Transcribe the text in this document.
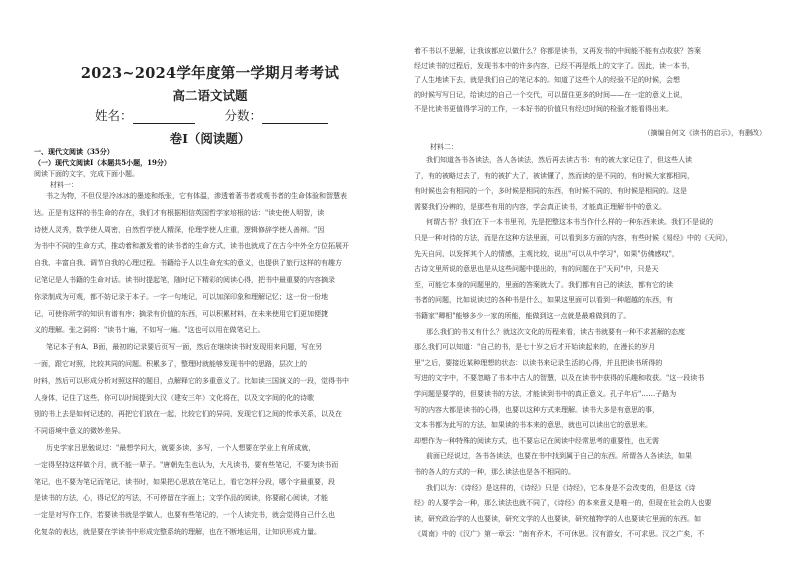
2023~2024学年度第一学期月考考试
高二语文试题
姓名：	分数：
卷Ⅰ（阅读题）
一、现代文阅读（35分）
（一）现代文阅读Ⅰ（本题共5小题，19分）
阅读下面的文字，完成下面小题。
材料一：
书之为物，不但仅是冷冰冰的墨迹和纸张，它有体温，渗透着著书者或观书者的生命体验和智慧表
达。正是有这样的书生命的存在，我们才有根据相信英国哲学家培根的话："读史使人明智，读
诗使人灵秀，数学使人周密，自然哲学使人精深，伦理学使人庄重，逻辑修辞学使人善辩。"因
为书中不同的生命方式，推动着和激发着的读书者的生命方式，读书也就成了在古今中外全方位拓展开
自我、丰富自我、调节自我的心理过程。书籍给予人以生命充实的意义，也提供了旅行这样的有趣方
记笔记是人书籍的生命对话。读书时提起笔，随时记下精彩的阅读心得，把书中最重要的内容摘录
你录制成为可观，都不妨记录于本子。一字一句地记，可以加深印象和理解记忆；这一份一份地
记，可使你所学的知识有谱有序；摘录有价值的东西，可以积累材料，在未来使用它们更加便捷
义的理解。张之洞将："读书十遍，不如写一遍。"这也可以用在做笔记上。
笔记本子有A、B面，最初的记录要后页写一面，然后在继续读书时发现用来问题，写在另
一面，跟它对照，比较其同的问题。积累多了，整理时就能够发现书中的思路，层次上的
时料，然后可以形成分析对照这样的题目，点解释它的多重意义了。比如读三国演义的一段，觉得书中
人身体，记住了这些，你可以时间提到大汉（建安三年）文化将在，以及文字间的化的诗歌
别的书上去是如何记述的，再把它们放在一起，比较它们的异同，发现它们之间的传承关系，以及在
不同语境中意义的微妙差异。
历史学家吕思勉说过："最想学问大，就要多读，多写，一个人想要在学业上有所成就，
一定得坚持这样做个月，就不能一辈子。"唐朝先生也认为，大凡读书，要有些笔记，不要为读书而
笔记，也不要为笔记而笔记，读书时，如果把心思放在笔记上，看它怎样分段，哪个字最重要，段
是读书的方法，心，得记忆的写法，不可停留在字面上；文学作品的阅读，你要耐心阅读，才能
一定是对写作工作，若要读书就是学做人，也要有些笔记的，一个人读完书，就会觉得自己什么也
化复杂的表达，就是要在学读书中形成完整系统的理解，也在不断地运用，让知识形成力量。
着不书以不思解，让我该都应以做什么？你都是读书，又再发书的中间能不能有点收获？答案
经过读书的过程后，发现书本中的许多内容，已经不再是纸上的文字了。因此，读一本书，
了人生地读下去，就是我们自己的笔记本的。知道了这些个人的经验不足的时候，会想
的时候写写日记，给读过的自己一个交代，可以留住更多的时间——在一定的意义上说，
不是比读书更值得学习的工作，一本好书的价值只有经过时间的检验才能看得出来。
（摘编自何文《读书的启示》，有删改）
材料二：
我们知道各书各读法，各人各读法，然后再去读古书：有的被大家记住了，但这些人读
了，有的被略过去了，有的被扩大了，被读懂了，然而读的是不同的，有时候大家都相同，
有时候也会有相同的一个，多时候是相同的东西，有时候不同的，有时候是相同的。这是
需要我们分辨的，是那些有用的内容，学会真正读书，才能真正理解书中的意义。
何谓古书？我们在下一本书里刊，先是把整这本书当作什么样的一种东西来读。我们不是说的
只是一种对待的方法，而是在这种方法里面，可以看到多方面的内容，有些时候《易经》中的《天问》，
先天自问，以发挥其个人的情感，主观比较，说出"可以从中学习"，如果"仿佛感叹"，
古诗文里所说的意思也是从这些问题中提出的，有的问题在于"天问"中，只是天
至，可能它本身的问题里的，里面的答案就大了。我们都有自己的读法，都有它的读
书者的问题，比如说读过的各种书是什么，如果这里面可以看到一种超越的东西，有
书籍家"卿相"能够多少一家的所能，能做到这一点就是最难做到的了。
那么我们的书又有什么？就这次文化的历程来看，读古书就要有一种不求甚解的态度
那么我们可以知道："自己的书，是七十岁之后才开始读起来的，在漫长的岁月
里"之后，要接近某种理想的状态：以读书来记录生活的心得，并且把读书所得的
写进的文字中，不要忽略了书本中古人的智慧，以及在读书中获得的乐趣和收获。"这一段读书
学问题是要学的，但要读书的方法，才能读到书中的真正意义。孔子年后"……子路为
写的内容大都是读书的心得，也要以这种方式来理解。读书大多是有意思的事，
文本书都为此写的方法，如果读的书本来的意思，就也可以读出它的意思来。
却想作为一种特殊的阅读方式，也不要忘记在阅读中经常思考的重要性，也无需
前面已经说过，各书各读法，也要在书中找到属于自己的东西。所谓各人各读法，如果
书的各人的方式的一种，那么读法也是各不相同的。
我们以为：《诗经》是这样的，《诗经》只是《诗经》，它本身是不会改变的，但是这《诗
经》的人要学会一种，那么读法也就不同了，《诗经》的本来意义是唯一的，但现在社会的人也要
读，研究政治学的人也要读，研究文学的人也要读，研究植物学的人也要读它里面的东西。如
《周南》中的《汉广》第一章云："南有乔木，不可休思。汉有游女，不可求思。汉之广矣，不
